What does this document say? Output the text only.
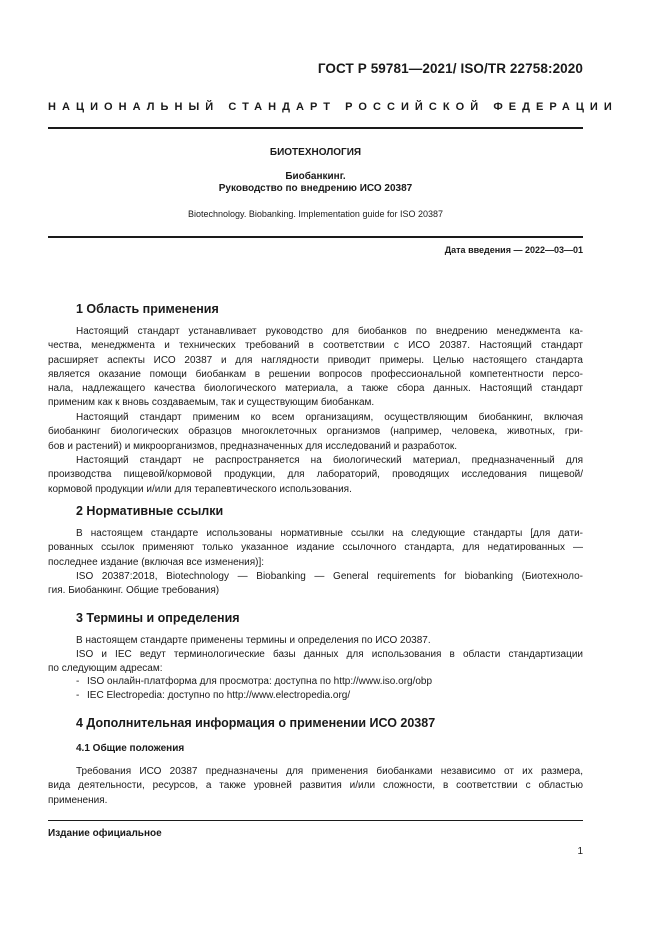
ГОСТ Р 59781—2021/ ISO/TR 22758:2020
НАЦИОНАЛЬНЫЙ СТАНДАРТ РОССИЙСКОЙ ФЕДЕРАЦИИ
БИОТЕХНОЛОГИЯ
Биобанкинг.
Руководство по внедрению ИСО 20387
Biotechnology. Biobanking. Implementation guide for ISO 20387
Дата введения — 2022—03—01
1 Область применения
Настоящий стандарт устанавливает руководство для биобанков по внедрению менеджмента ка-
чества, менеджмента и технических требований в соответствии с ИСО 20387. Настоящий стандарт
расширяет аспекты ИСО 20387 и для наглядности приводит примеры. Целью настоящего стандарта
является оказание помощи биобанкам в решении вопросов профессиональной компетентности персо-
нала, надлежащего качества биологического материала, а также сбора данных. Настоящий стандарт
применим как к вновь создаваемым, так и существующим биобанкам.
Настоящий стандарт применим ко всем организациям, осуществляющим биобанкинг, включая
биобанкинг биологических образцов многоклеточных организмов (например, человека, животных, гри-
бов и растений) и микроорганизмов, предназначенных для исследований и разработок.
Настоящий стандарт не распространяется на биологический материал, предназначенный для
производства пищевой/кормовой продукции, для лабораторий, проводящих исследования пищевой/
кормовой продукции и/или для терапевтического использования.
2 Нормативные ссылки
В настоящем стандарте использованы нормативные ссылки на следующие стандарты [для дати-
рованных ссылок применяют только указанное издание ссылочного стандарта, для недатированных —
последнее издание (включая все изменения)]:
ISO 20387:2018, Biotechnology — Biobanking — General requirements for biobanking (Биотехноло-
гия. Биобанкинг. Общие требования)
3 Термины и определения
В настоящем стандарте применены термины и определения по ИСО 20387.
ISO и IEC ведут терминологические базы данных для использования в области стандартизации
по следующим адресам:
- ISO онлайн-платформа для просмотра: доступна по http://www.iso.org/obp
- IEC Electropedia: доступно по http://www.electropedia.org/
4 Дополнительная информация о применении ИСО 20387
4.1 Общие положения
Требования ИСО 20387 предназначены для применения биобанками независимо от их размера,
вида деятельности, ресурсов, а также уровней развития и/или сложности, в соответствии с областью
применения.
Издание официальное
1
